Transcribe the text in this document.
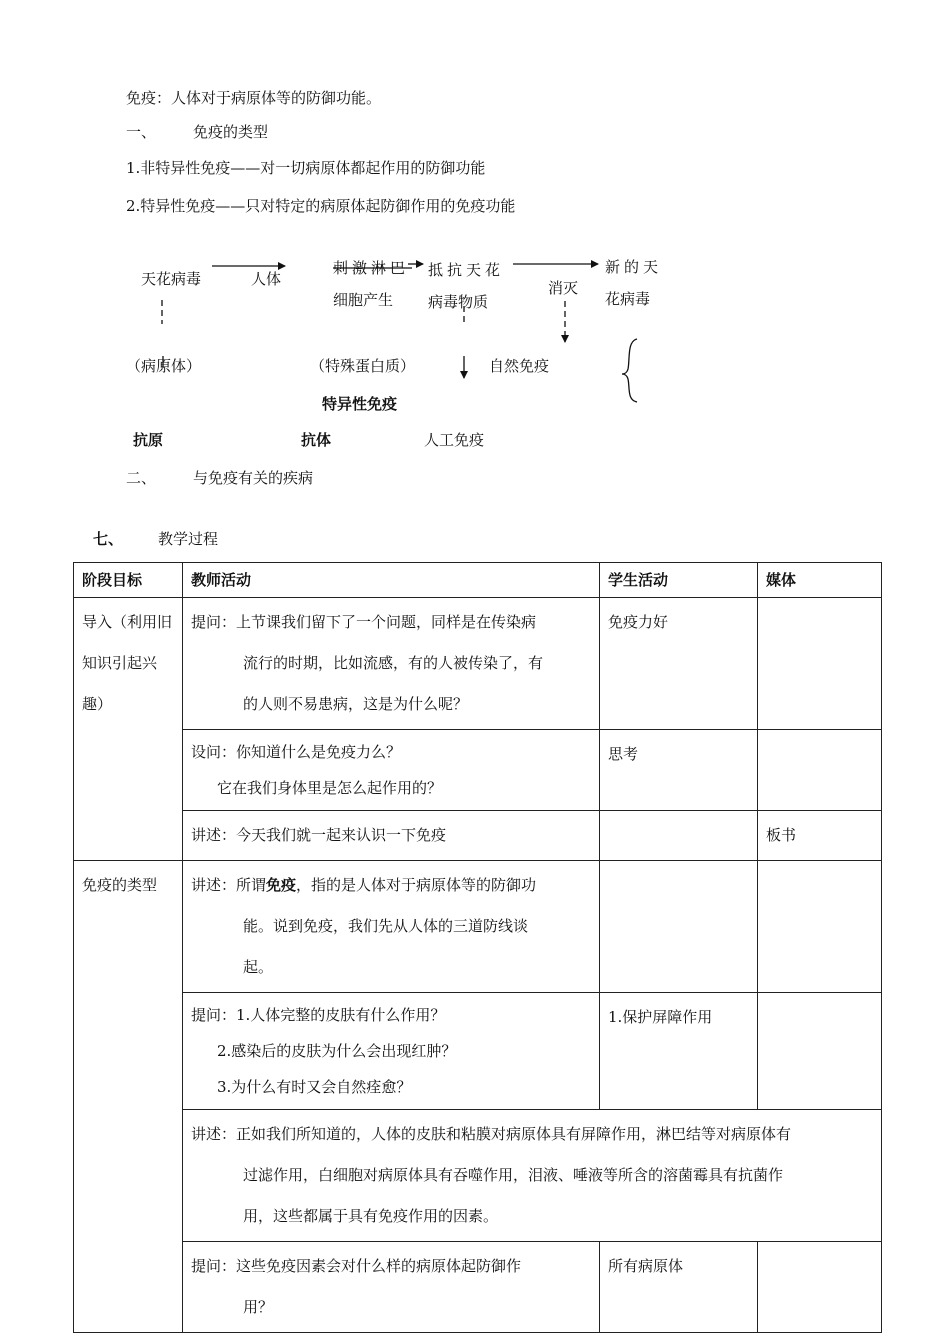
免疫：人体对于病原体等的防御功能。
一、 免疫的类型
1.非特异性免疫——对一切病原体都起作用的防御功能
2.特异性免疫——只对特定的病原体起防御作用的免疫功能
天花病毒	人体
刺激淋巴
细胞产生
抵抗天花
病毒物质
消灭
新的天
花病毒
（病原体）	（特殊蛋白质）	自然免疫
特异性免疫
抗原	抗体	人工免疫
二、 与免疫有关的疾病
七、 教学过程
阶段目标	教师活动	学生活动	媒体
导入（利用旧知识引起兴趣）	提问：上节课我们留下了一个问题，同样是在传染病
流行的时期，比如流感，有的人被传染了，有
的人则不易患病，这是为什么呢？	免疫力好	

	设问：你知道什么是免疫力么？
它在我们身体里是怎么起作用的？	思考	
	讲述：今天我们就一起来认识一下免疫		板书
免疫的类型	讲述：所谓免疫，指的是人体对于病原体等的防御功
能。说到免疫，我们先从人体的三道防线谈
起。		

	提问：1.人体完整的皮肤有什么作用？
2.感染后的皮肤为什么会出现红肿？
3.为什么有时又会自然痊愈？	1.保护屏障作用	

	讲述：正如我们所知道的，人体的皮肤和粘膜对病原体具有屏障作用，淋巴结等对病原体有
过滤作用，白细胞对病原体具有吞噬作用，泪液、唾液等所含的溶菌霉具有抗菌作
用，这些都属于具有免疫作用的因素。		

	提问：这些免疫因素会对什么样的病原体起防御作
用？	所有病原体	
